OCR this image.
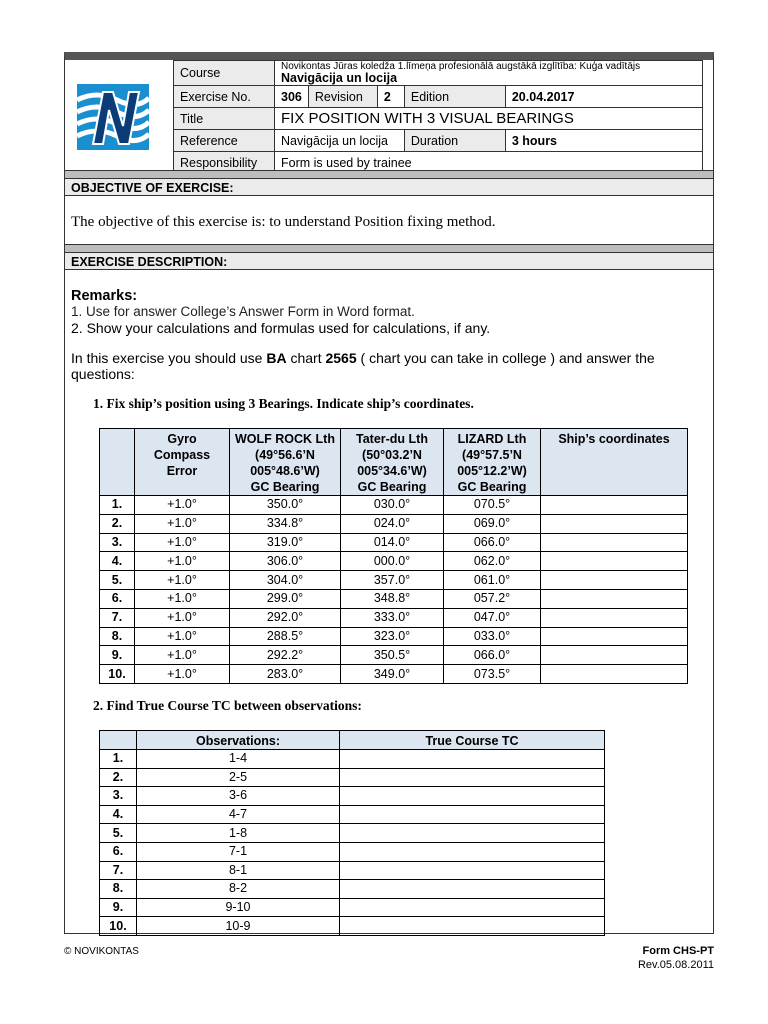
Course	Novikontas Jūras koledža 1.līmeņa profesionālā augstākā izglītība: Kuģa vadītājs
Navigācija un locija				

Exercise No.	306	Revision	2	Edition	20.04.2017
Title	FIX POSITION WITH 3 VISUAL BEARINGS				
Reference	Navigācija un locija			Duration	3 hours
Responsibility	Form is used by trainee				
OBJECTIVE OF EXERCISE:
The objective of this exercise is: to understand Position fixing method.
EXERCISE DESCRIPTION:
Remarks:
1. Use for answer College’s Answer Form in Word format.
2. Show your calculations and formulas used for calculations, if any.
In this exercise you should use BA chart 2565 ( chart you can take in college ) and answer the questions:
1. Fix ship’s position using 3 Bearings. Indicate ship’s coordinates.
	Gyro
Compass
Error	WOLF ROCK Lth
(49°56.6’N
005°48.6’W)
GC Bearing	Tater-du Lth
(50°03.2’N
005°34.6’W)
GC Bearing	LIZARD Lth
(49°57.5’N
005°12.2’W)
GC Bearing	Ship’s coordinates
1.	+1.0°	350.0°	030.0°	070.5°	
2.	+1.0°	334.8°	024.0°	069.0°	
3.	+1.0°	319.0°	014.0°	066.0°	
4.	+1.0°	306.0°	000.0°	062.0°	
5.	+1.0°	304.0°	357.0°	061.0°	
6.	+1.0°	299.0°	348.8°	057.2°	
7.	+1.0°	292.0°	333.0°	047.0°	
8.	+1.0°	288.5°	323.0°	033.0°	
9.	+1.0°	292.2°	350.5°	066.0°	
10.	+1.0°	283.0°	349.0°	073.5°	
2. Find True Course TC between observations:
	Observations:	True Course TC
1.	1-4	
2.	2-5	
3.	3-6	
4.	4-7	
5.	1-8	
6.	7-1	
7.	8-1	
8.	8-2	
9.	9-10	
10.	10-9	
© NOVIKONTAS	Form CHS-PT
Rev.05.08.2011
